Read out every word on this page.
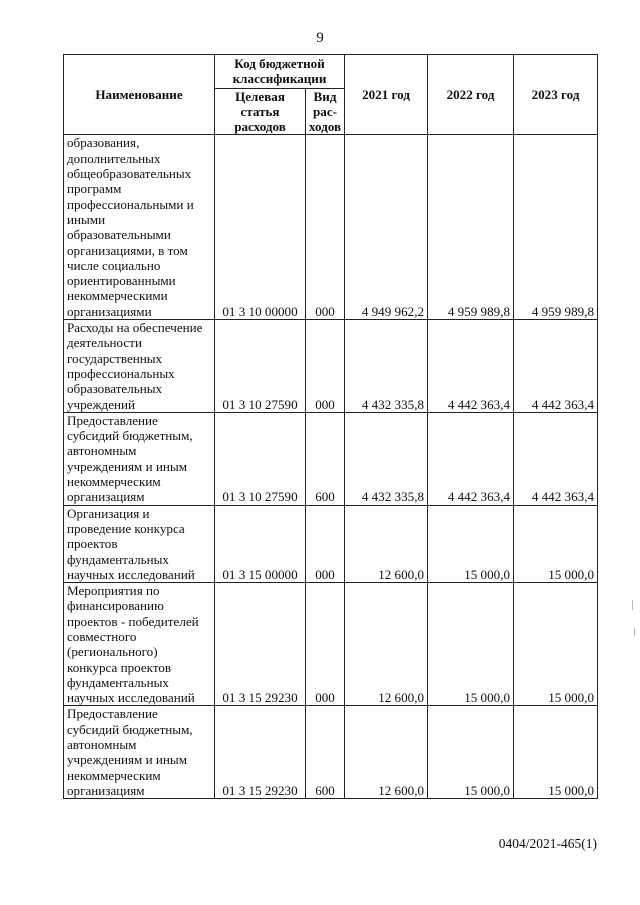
9
Наименование	Код бюджетной классификации		2021 год	2022 год	2023 год
	Целевая статья расходов	Вид рас-ходов			
образования, дополнительных общеобразовательных программ профессиональными и иными образовательными организациями, в том числе социально ориентированными некоммерческими организациями	01 3 10 00000	000	4 949 962,2	4 959 989,8	4 959 989,8
Расходы на обеспечение деятельности государственных профессиональных образовательных учреждений	01 3 10 27590	000	4 432 335,8	4 442 363,4	4 442 363,4
Предоставление субсидий бюджетным, автономным учреждениям и иным некоммерческим организациям	01 3 10 27590	600	4 432 335,8	4 442 363,4	4 442 363,4
Организация и проведение конкурса проектов фундаментальных научных исследований	01 3 15 00000	000	12 600,0	15 000,0	15 000,0
Мероприятия по финансированию проектов - победителей совместного (регионального) конкурса проектов фундаментальных научных исследований	01 3 15 29230	000	12 600,0	15 000,0	15 000,0
Предоставление субсидий бюджетным, автономным учреждениям и иным некоммерческим организациям	01 3 15 29230	600	12 600,0	15 000,0	15 000,0
0404/2021-465(1)
